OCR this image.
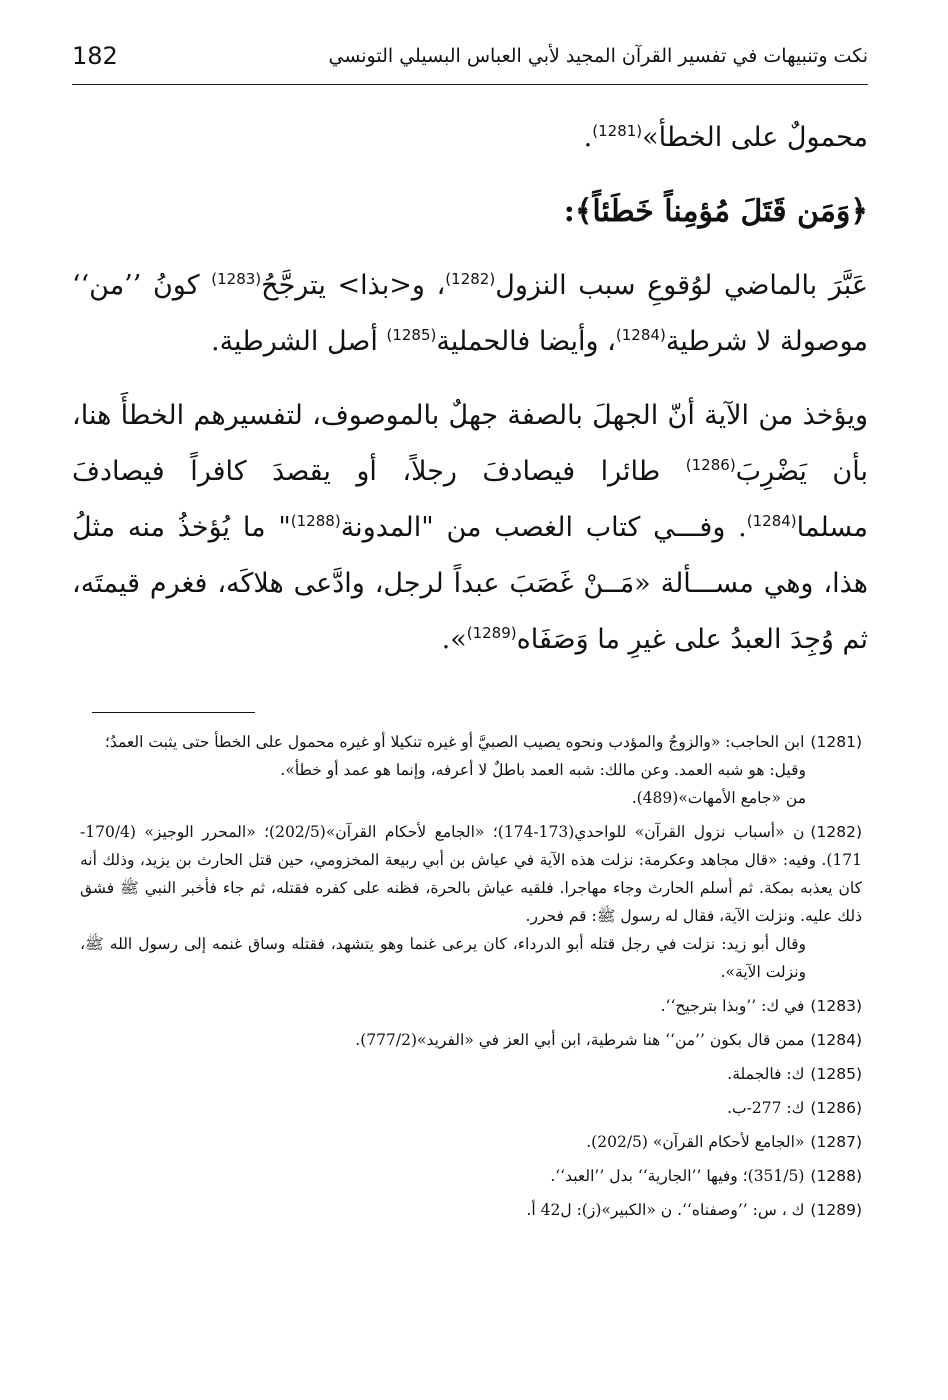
نكت وتنبيهات في تفسير القرآن المجيد لأبي العباس البسيلي التونسي
182

محمولٌ على الخطأ»$^{(1281)}$.

﴿وَمَن قَتَلَ مُؤمِناً خَطَئاً﴾:

عَبَّرَ بالماضي لوُقوعِ سبب النزول$^{(1282)}$، و<بذا> يترجَّحُ$^{(1283)}$ كونُ ’’من‘‘ موصولة لا شرطية$^{(1284)}$، وأيضا فالحملية$^{(1285)}$ أصل الشرطية.

ويؤخذ من الآية أنّ الجهلَ بالصفة جهلٌ بالموصوف، لتفسيرهم الخطأَ هنا، بأن يَضْرِبَ$^{(1286)}$ طائرا فيصادفَ رجلاً، أو يقصدَ كافراً فيصادفَ مسلما$^{(1284)}$. وفـــي كتاب الغصب من "المدونة$^{(1288)}$" ما يُؤخذُ منه مثلُ هذا، وهي مســـألة «مَــنْ غَصَبَ عبداً لرجل، وادَّعى هلاكَه، فغرم قيمتَه، ثم وُجِدَ العبدُ على غيرِ ما وَصَفَاه$^{(1289)}$».

(1281)ابن الحاجب: «والزوجُ والمؤدب ونحوه يصيب الصبيَّ أو غيره تنكيلا أو غيره محمول على الخطأ حتى يثبت العمدُ؛
وقيل: هو شبه العمد. وعن مالك: شبه العمد باطلٌ لا أعرفه، وإنما هو عمد أو خطأ».
من «جامع الأمهات»(489).

(1282)ن «أسباب نزول القرآن» للواحدي(173-174)؛ «الجامع لأحكام القرآن»(202/5)؛ «المحرر الوجيز» (170/4-171). وفيه: «قال مجاهد وعكرمة: نزلت هذه الآية في عياش بن أبي ربيعة المخزومي، حين قتل الحارث بن يزيد، وذلك أنه كان يعذبه بمكة. ثم أسلم الحارث وجاء مهاجرا. فلقيه عياش بالحرة، فظنه على كفره فقتله، ثم جاء فأخبر النبي ﷺ فشق ذلك عليه. ونزلت الآية، فقال له رسول ﷺ: قم فحرر.
وقال أبو زيد: نزلت في رجل قتله أبو الدرداء، كان يرعى غنما وهو يتشهد، فقتله وساق غنمه إلى رسول الله ﷺ، ونزلت الآية».

(1283)في ك: ’’وبذا بترجيح‘‘.

(1284)ممن قال بكون ’’من‘‘ هنا شرطية، ابن أبي العز في «الفريد»(777/2).

(1285)ك: فالجملة.

(1286)ك: 277-ب.

(1287)«الجامع لأحكام القرآن» (202/5).

(1288)(351/5)؛ وفيها ’’الجارية‘‘ بدل ’’العبد‘‘.

(1289)ك ، س: ’’وصفناه‘‘. ن «الكبير»(ز): ل42 أ.
